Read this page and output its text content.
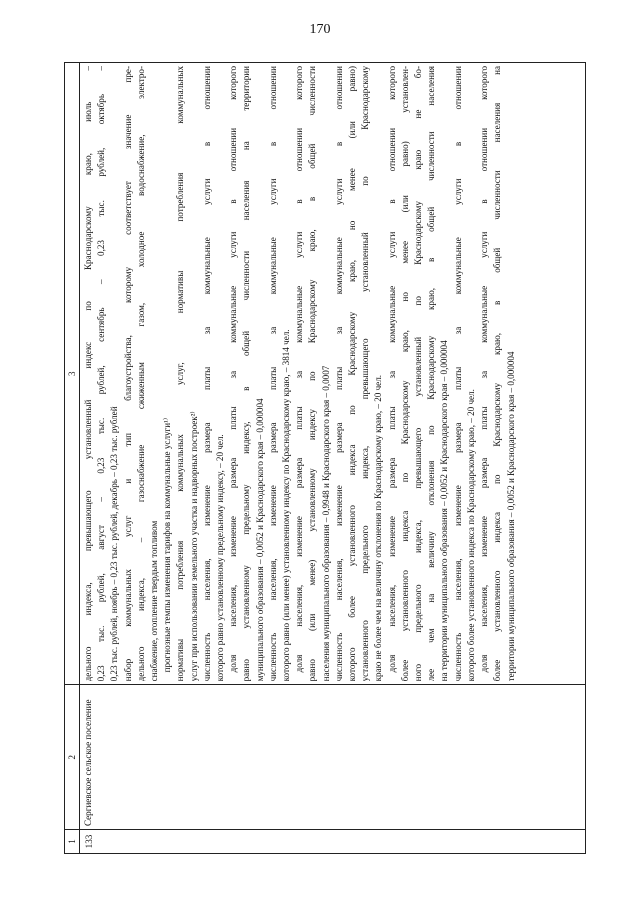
170
1
2
3
133
Сергиевское сельское поселение
дельного индекса, превышающего установленный индекс по Краснодарскому краю, июль – 0,23 тыс. рублей, август – 0,23 тыс. рублей, сентябрь – 0,23 тыс. рублей, октябрь – 0,23 тыс. рублей, ноябрь – 0,23 тыс. рублей, декабрь – 0,23 тыс. рублей набор коммунальных услуг и тип благоустройства, которому соответствует значение пре- дельного индекса, – газоснабжение сжиженным газом, холодное водоснабжение, электро- снабжение, отопление твердым топливом прогнозные темпы изменения тарифов на коммунальные услуги¹⁾ нормативы потребления коммунальных услуг, нормативы потребления коммунальных услуг при использовании земельного участка и надворных построек²⁾ численность населения, изменение размера платы за коммунальные услуги в отношении которого равно установленному предельному индексу, – 20 чел. доля населения, изменение размера платы за коммунальные услуги в отношении которого равно установленному предельному индексу, в общей численности населения на территории муниципального образования – 0,0052 и Краснодарского края – 0,000004 численность населения, изменение размера платы за коммунальные услуги в отношении которого равно (или менее) установленному индексу по Краснодарскому краю, – 3814 чел. доля населения, изменение размера платы за коммунальные услуги в отношении которого равно (или менее) установленному индексу по Краснодарскому краю, в общей численности населения муниципального образования – 0,9948 и Краснодарского края – 0,0007 численность населения, изменение размера платы за коммунальные услуги в отношении которого более установленного индекса по Краснодарскому краю, но менее (или равно) установленного предельного индекса, превышающего установленный по Краснодарскому краю не более чем на величину отклонения по Краснодарскому краю, – 20 чел. доля населения, изменение размера платы за коммунальные услуги в отношении которого более установленного индекса по Краснодарскому краю, но менее (или равно) установлен- ного предельного индекса, превышающего установленный по Краснодарскому краю не бо- лее чем на величину отклонения по Краснодарскому краю, в общей численности населения на территории муниципального образования – 0,0052 и Краснодарского края – 0,000004 численность населения, изменение размера платы за коммунальные услуги в отношении которого более установленного индекса по Краснодарскому краю, – 20 чел. доля населения, изменение размера платы за коммунальные услуги в отношении которого более установленного индекса по Краснодарскому краю, в общей численности населения на территории муниципального образования – 0,0052 и Краснодарского края – 0,000004
